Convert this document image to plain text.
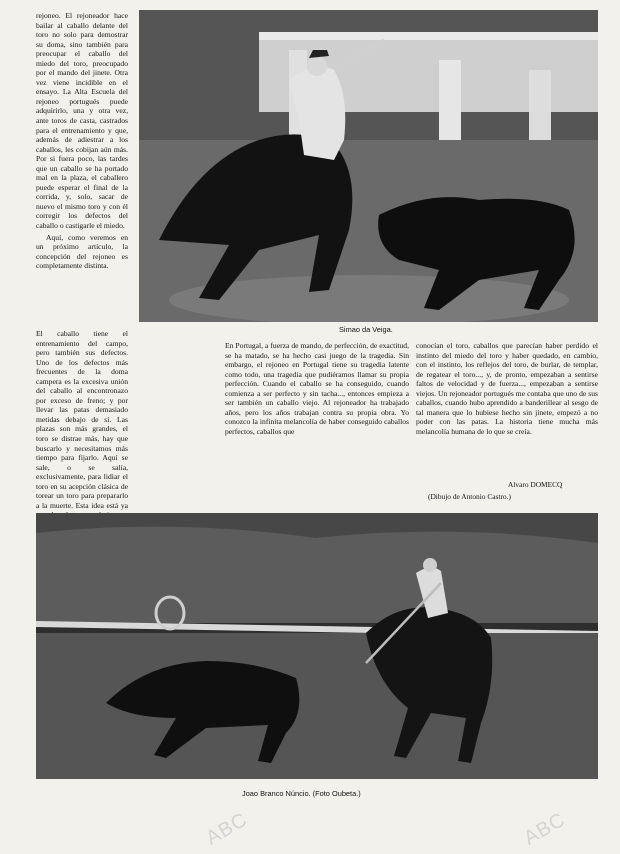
rejoneo. El rejoneador hace bailar al caballo delante del toro no solo para demostrar su doma, sino también para preocupar el caballo del miedo del toro, preocupado por el mando del jinete. Otra vez viene incidible en el ensayo. La Alta Escuela del rejoneo portugués puede adquirirlo, una y otra vez, ante toros de casta, castrados para el entrenamiento y que, además de adiestrar a los caballos, les cobijan aún más. Por si fuera poco, las tardes que un caballo se ha portado mal en la plaza, el caballero puede esperar el final de la corrida, y, solo, sacar de nuevo el mismo toro y con él corregir los defectos del caballo o castigarle el miedo.

Aquí, como veremos en un próximo artículo, la concepción del rejoneo es completamente distinta.

Simao da Veiga.

El caballo tiene el entrenamiento del campo, pero también sus defectos. Uno de los defectos más frecuentes de la doma campera es la excesiva unión del caballo al encontronazo por exceso de freno; y por llevar las patas demasiado metidas debajo de sí. Las plazas son más grandes, el toro se distrae más, hay que buscarlo y necesitamos más tiempo para fijarlo. Aquí se sale, o se salía, exclusivamente, para lidiar el toro en su acepción clásica de torear un toro para prepararlo a la muerte. Esta idea está ya

En Portugal, a fuerza de mando, de perfección, de exactitud, se ha matado, se ha hecho casi juego de la tragedia. Sin embargo, el rejoneo en Portugal tiene su tragedia latente como todo, una tragedia que pudiéramos llamar su propia perfección. Cuando el caballo se ha conseguido, cuando comienza a ser perfecto y sin tacha..., entonces empieza a ser también un caballo viejo. Al rejoneador ha trabajado años, pero los años trabajan contra su propia obra. Yo conozco la infinita melancolía de haber conseguido caballos perfectos, caballos que

conocían el toro, caballos que parecían haber perdido el instinto del miedo del toro y haber quedado, en cambio, con el instinto, los reflejos del toro, de burlar, de templar, de regatear el toro..., y, de pronto, empezaban a sentirse faltos de velocidad y de fuerza..., empezaban a sentirse viejos. Un rejoneador portugués me contaba que uno de sus caballos, cuando hubo aprendido a banderillear al sesgo de tal manera que lo hubiese hecho sin jinete, empezó a no poder con las patas. La historia tiene mucha más melancolía humana de lo que se creía.

Alvaro DOMECQ
(Dibujo de Antonio Castro.)
Joao Branco Núncio. (Foto Oubeta.)
ABC	ABC
